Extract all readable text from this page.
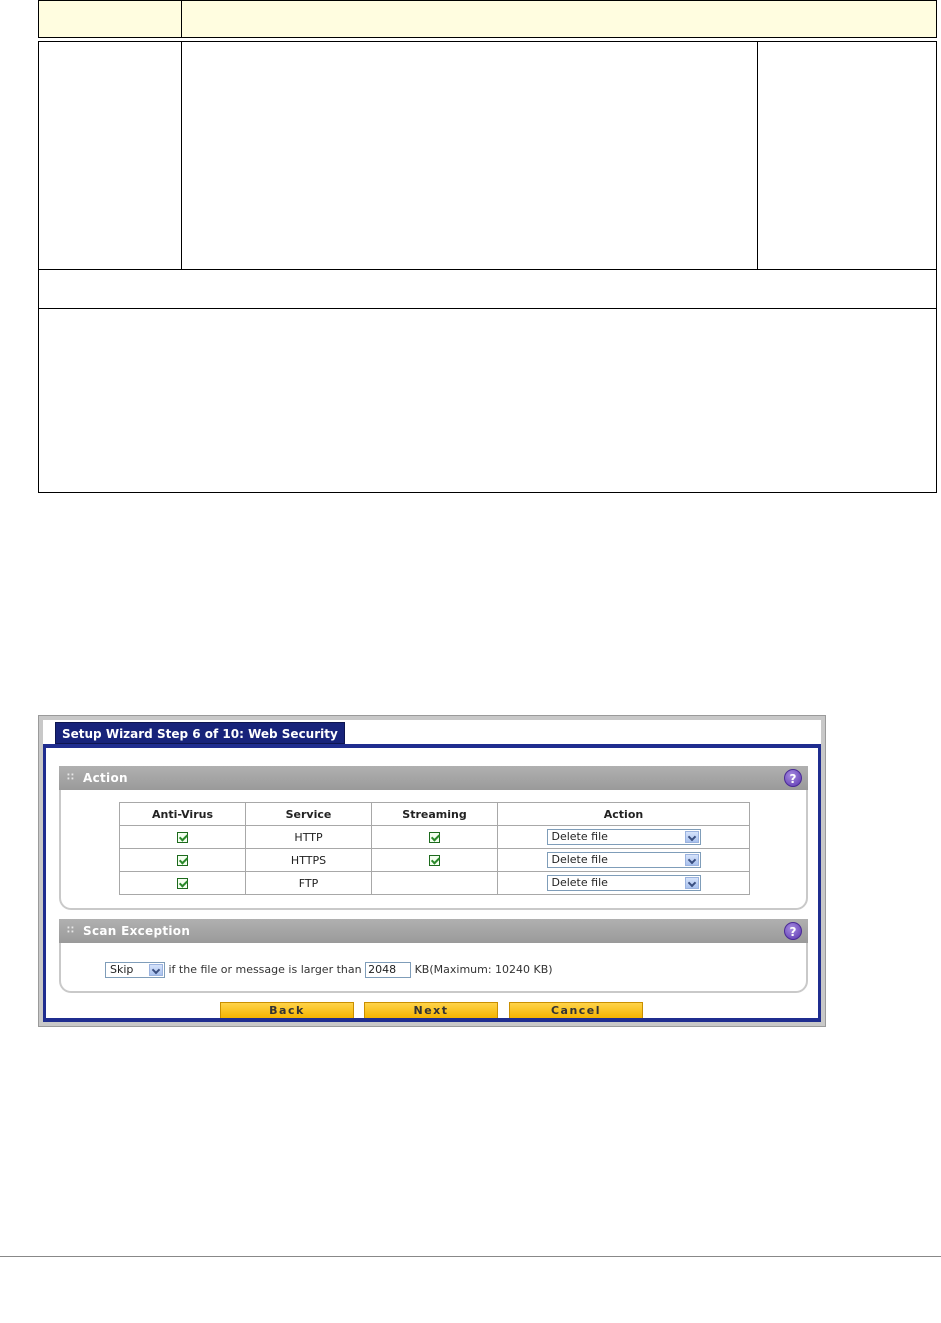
Setup Wizard Step 6 of 10: Web Security
∷ Action	?
Anti-Virus	Service	Streaming	Action
	HTTP		Delete file

	HTTPS		Delete file

	FTP		Delete file
∷ Scan Exception	?
Skip	if the file or message is larger than 2048 KB(Maximum: 10240 KB)
Back	Next	Cancel
